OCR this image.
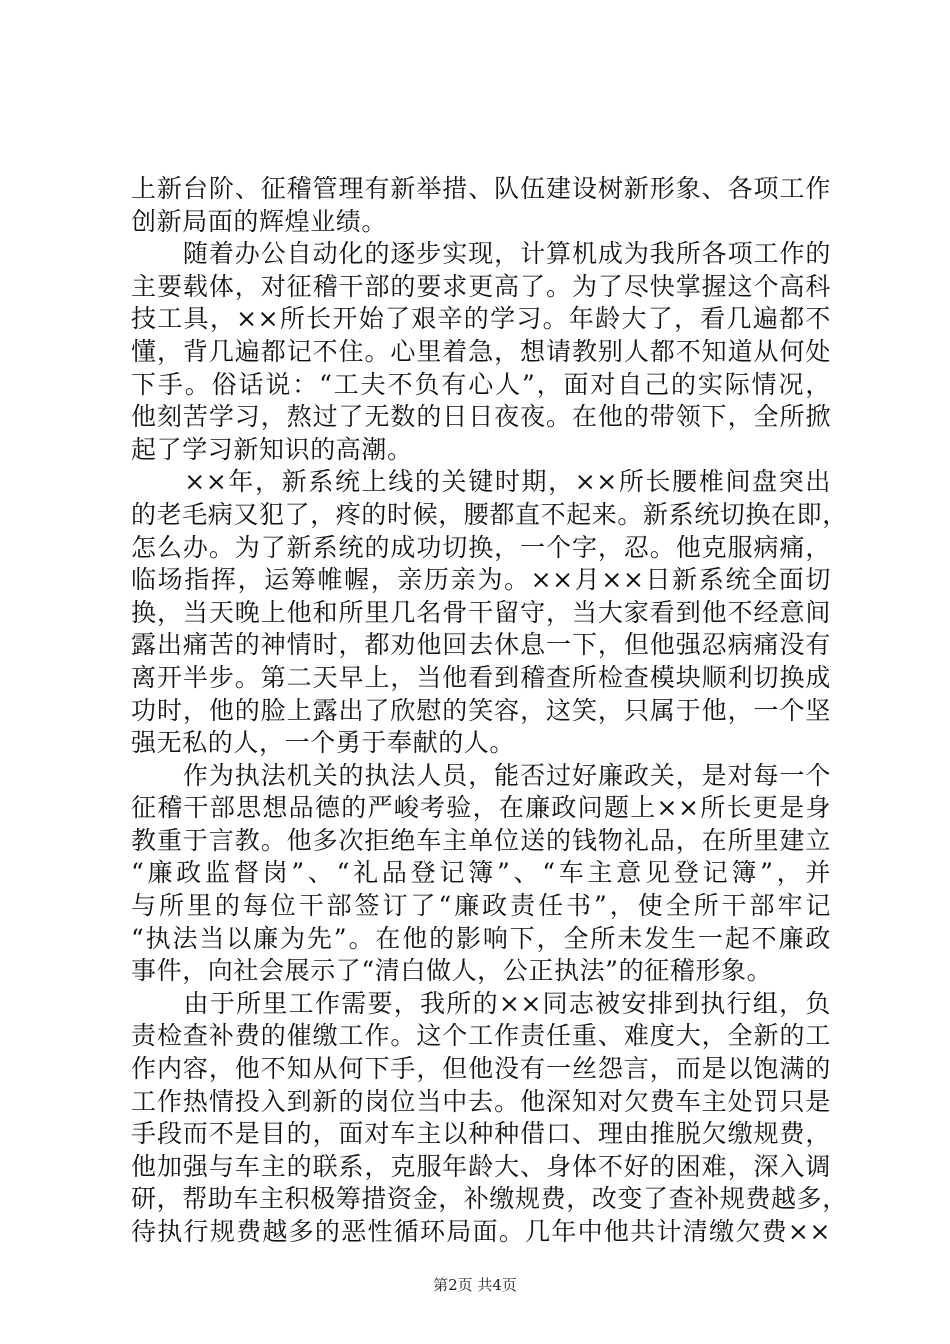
上新台阶、征稽管理有新举措、队伍建设树新形象、各项工作
创新局面的辉煌业绩。

　　随着办公自动化的逐步实现，计算机成为我所各项工作的
主要载体，对征稽干部的要求更高了。为了尽快掌握这个高科
技工具，××所长开始了艰辛的学习。年龄大了，看几遍都不
懂，背几遍都记不住。心里着急，想请教别人都不知道从何处
下手。俗话说：“工夫不负有心人”，面对自己的实际情况，
他刻苦学习，熬过了无数的日日夜夜。在他的带领下，全所掀
起了学习新知识的高潮。

　　××年，新系统上线的关键时期，××所长腰椎间盘突出
的老毛病又犯了，疼的时候，腰都直不起来。新系统切换在即，
怎么办。为了新系统的成功切换，一个字，忍。他克服病痛，
临场指挥，运筹帷幄，亲历亲为。××月××日新系统全面切
换，当天晚上他和所里几名骨干留守，当大家看到他不经意间
露出痛苦的神情时，都劝他回去休息一下，但他强忍病痛没有
离开半步。第二天早上，当他看到稽查所检查模块顺利切换成
功时，他的脸上露出了欣慰的笑容，这笑，只属于他，一个坚
强无私的人，一个勇于奉献的人。

　　作为执法机关的执法人员，能否过好廉政关，是对每一个
征稽干部思想品德的严峻考验，在廉政问题上××所长更是身
教重于言教。他多次拒绝车主单位送的钱物礼品，在所里建立
“廉政监督岗”、“礼品登记簿”、“车主意见登记簿”，并
与所里的每位干部签订了“廉政责任书”，使全所干部牢记
“执法当以廉为先”。在他的影响下，全所未发生一起不廉政
事件，向社会展示了“清白做人，公正执法”的征稽形象。

　　由于所里工作需要，我所的××同志被安排到执行组，负
责检查补费的催缴工作。这个工作责任重、难度大，全新的工
作内容，他不知从何下手，但他没有一丝怨言，而是以饱满的
工作热情投入到新的岗位当中去。他深知对欠费车主处罚只是
手段而不是目的，面对车主以种种借口、理由推脱欠缴规费，
他加强与车主的联系，克服年龄大、身体不好的困难，深入调
研，帮助车主积极筹措资金，补缴规费，改变了查补规费越多，
待执行规费越多的恶性循环局面。几年中他共计清缴欠费××

第2页 共4页
